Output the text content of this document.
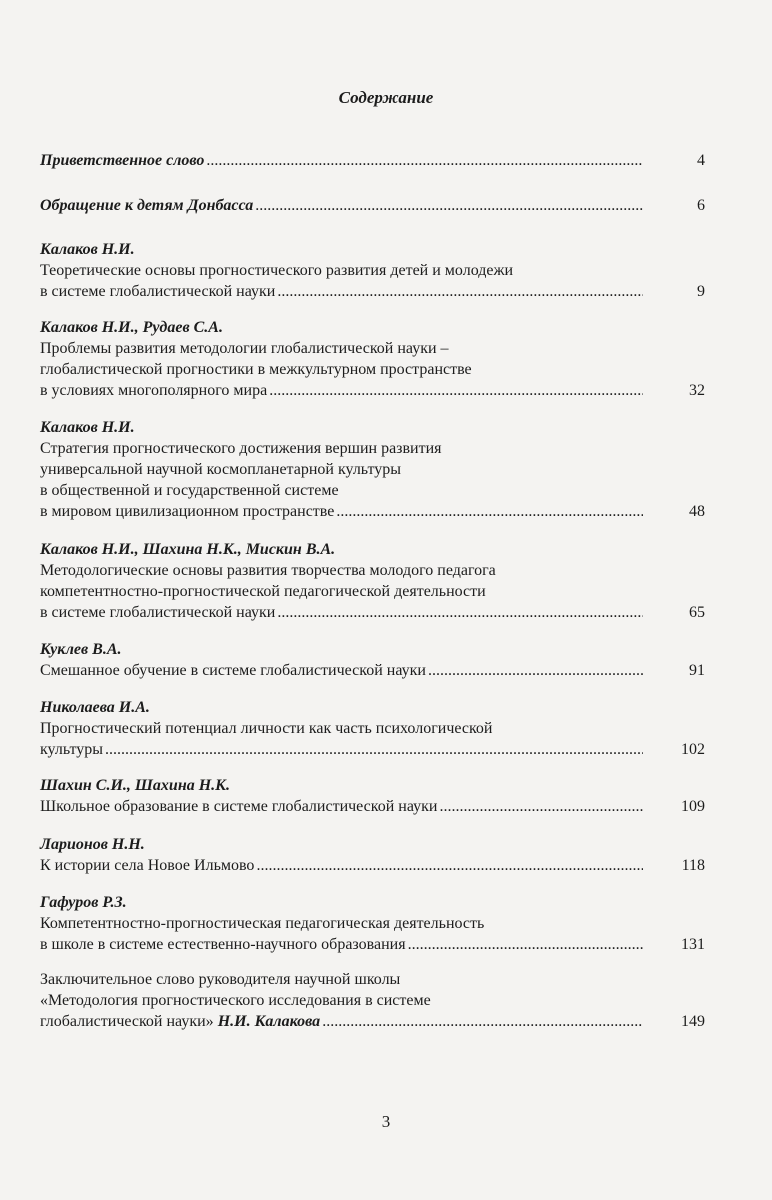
Содержание
Приветственное слово .....	4
Обращение к детям Донбасса .....	6
Калаков Н.И.
Теоретические основы прогностического развития детей и молодежи
в системе глобалистической науки .....	9
Калаков Н.И., Рудаев С.А.
Проблемы развития методологии глобалистической науки –
глобалистической прогностики в межкультурном пространстве
в условиях многополярного мира .....	32
Калаков Н.И.
Стратегия прогностического достижения вершин развития
универсальной научной космопланетарной культуры
в общественной и государственной системе
в мировом цивилизационном пространстве .....	48
Калаков Н.И., Шахина Н.К., Мискин В.А.
Методологические основы развития творчества молодого педагога
компетентностно-прогностической педагогической деятельности
в системе глобалистической науки .....	65
Куклев В.А.
Смешанное обучение в системе глобалистической науки .....	91
Николаева И.А.
Прогностический потенциал личности как часть психологической
культуры .....	102
Шахин С.И., Шахина Н.К.
Школьное образование в системе глобалистической науки .....	109
Ларионов Н.Н.
К истории села Новое Ильмово .....	118
Гафуров Р.З.
Компетентностно-прогностическая педагогическая деятельность
в школе в системе естественно-научного образования .....	131
Заключительное слово руководителя научной школы
«Методология прогностического исследования в системе
глобалистической науки» Н.И. Калакова .....	149
3
